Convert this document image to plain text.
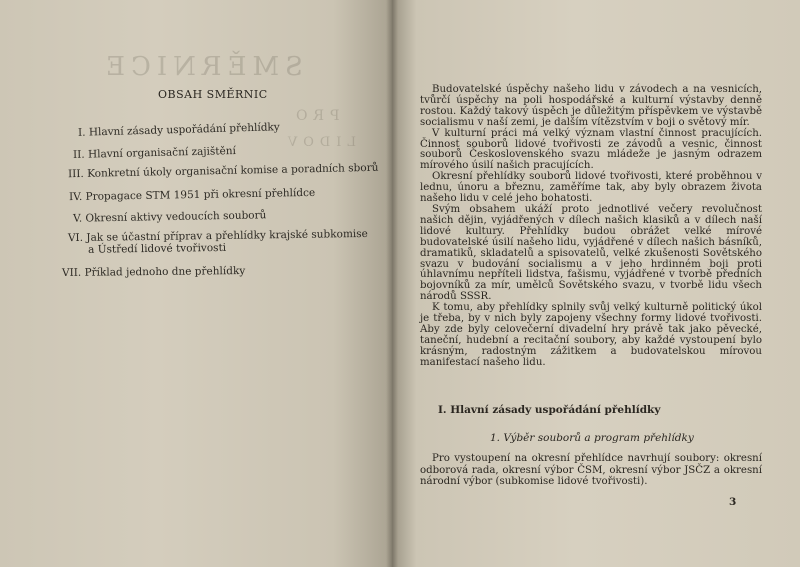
SMĚRNICE
PRO
LIDOV
OBSAH SMĚRNIC
I. Hlavní zásady uspořádání přehlídky
II. Hlavní organisační zajištění
III. Konkretní úkoly organisační komise a poradních sborů
IV. Propagace STM 1951 při okresní přehlídce
V. Okresní aktivy vedoucích souborů
VI. Jak se účastní příprav a přehlídky krajské subkomise
a Ústředí lidové tvořivosti
VII. Příklad jednoho dne přehlídky

Budovatelské úspěchy našeho lidu v závodech a na vesnicích, tvůrčí úspěchy na poli hospodářské a kulturní výstavby denně rostou. Každý takový úspěch je důležitým příspěvkem ve výstavbě socialismu v naší zemi, je dalším vítězstvím v boji o světový mír.

V kulturní práci má velký význam vlastní činnost pracujících. Činnost souborů lidové tvořivosti ze závodů a vesnic, činnost souborů Československého svazu mládeže je jasným odrazem mírového úsilí našich pracujících.

Okresní přehlídky souborů lidové tvořivosti, které proběhnou v lednu, únoru a březnu, zaměříme tak, aby byly obrazem života našeho lidu v celé jeho bohatosti.

Svým obsahem ukáží proto jednotlivé večery revolučnost našich dějin, vyjádřených v dílech našich klasiků a v dílech naší lidové kultury. Přehlídky budou obrážet velké mírové budovatelské úsilí našeho lidu, vyjádřené v dílech našich básníků, dramatiků, skladatelů a spisovatelů, velké zkušenosti Sovětského svazu v budování socialismu a v jeho hrdinném boji proti úhlavnímu nepříteli lidstva, fašismu, vyjádřené v tvorbě předních bojovníků za mír, umělců Sovětského svazu, v tvorbě lidu všech národů SSSR.

K tomu, aby přehlídky splnily svůj velký kulturně politický úkol je třeba, by v nich byly zapojeny všechny formy lidové tvořivosti. Aby zde byly celovečerní divadelní hry právě tak jako pěvecké, taneční, hudební a recitační soubory, aby každé vystoupení bylo krásným, radostným zážitkem a budovatelskou mírovou manifestací našeho lidu.

I. Hlavní zásady uspořádání přehlídky
1. Výběr souborů a program přehlídky

Pro vystoupení na okresní přehlídce navrhují soubory: okresní odborová rada, okresní výbor ČSM, okresní výbor JSČZ a okresní národní výbor (subkomise lidové tvořivosti).

3
